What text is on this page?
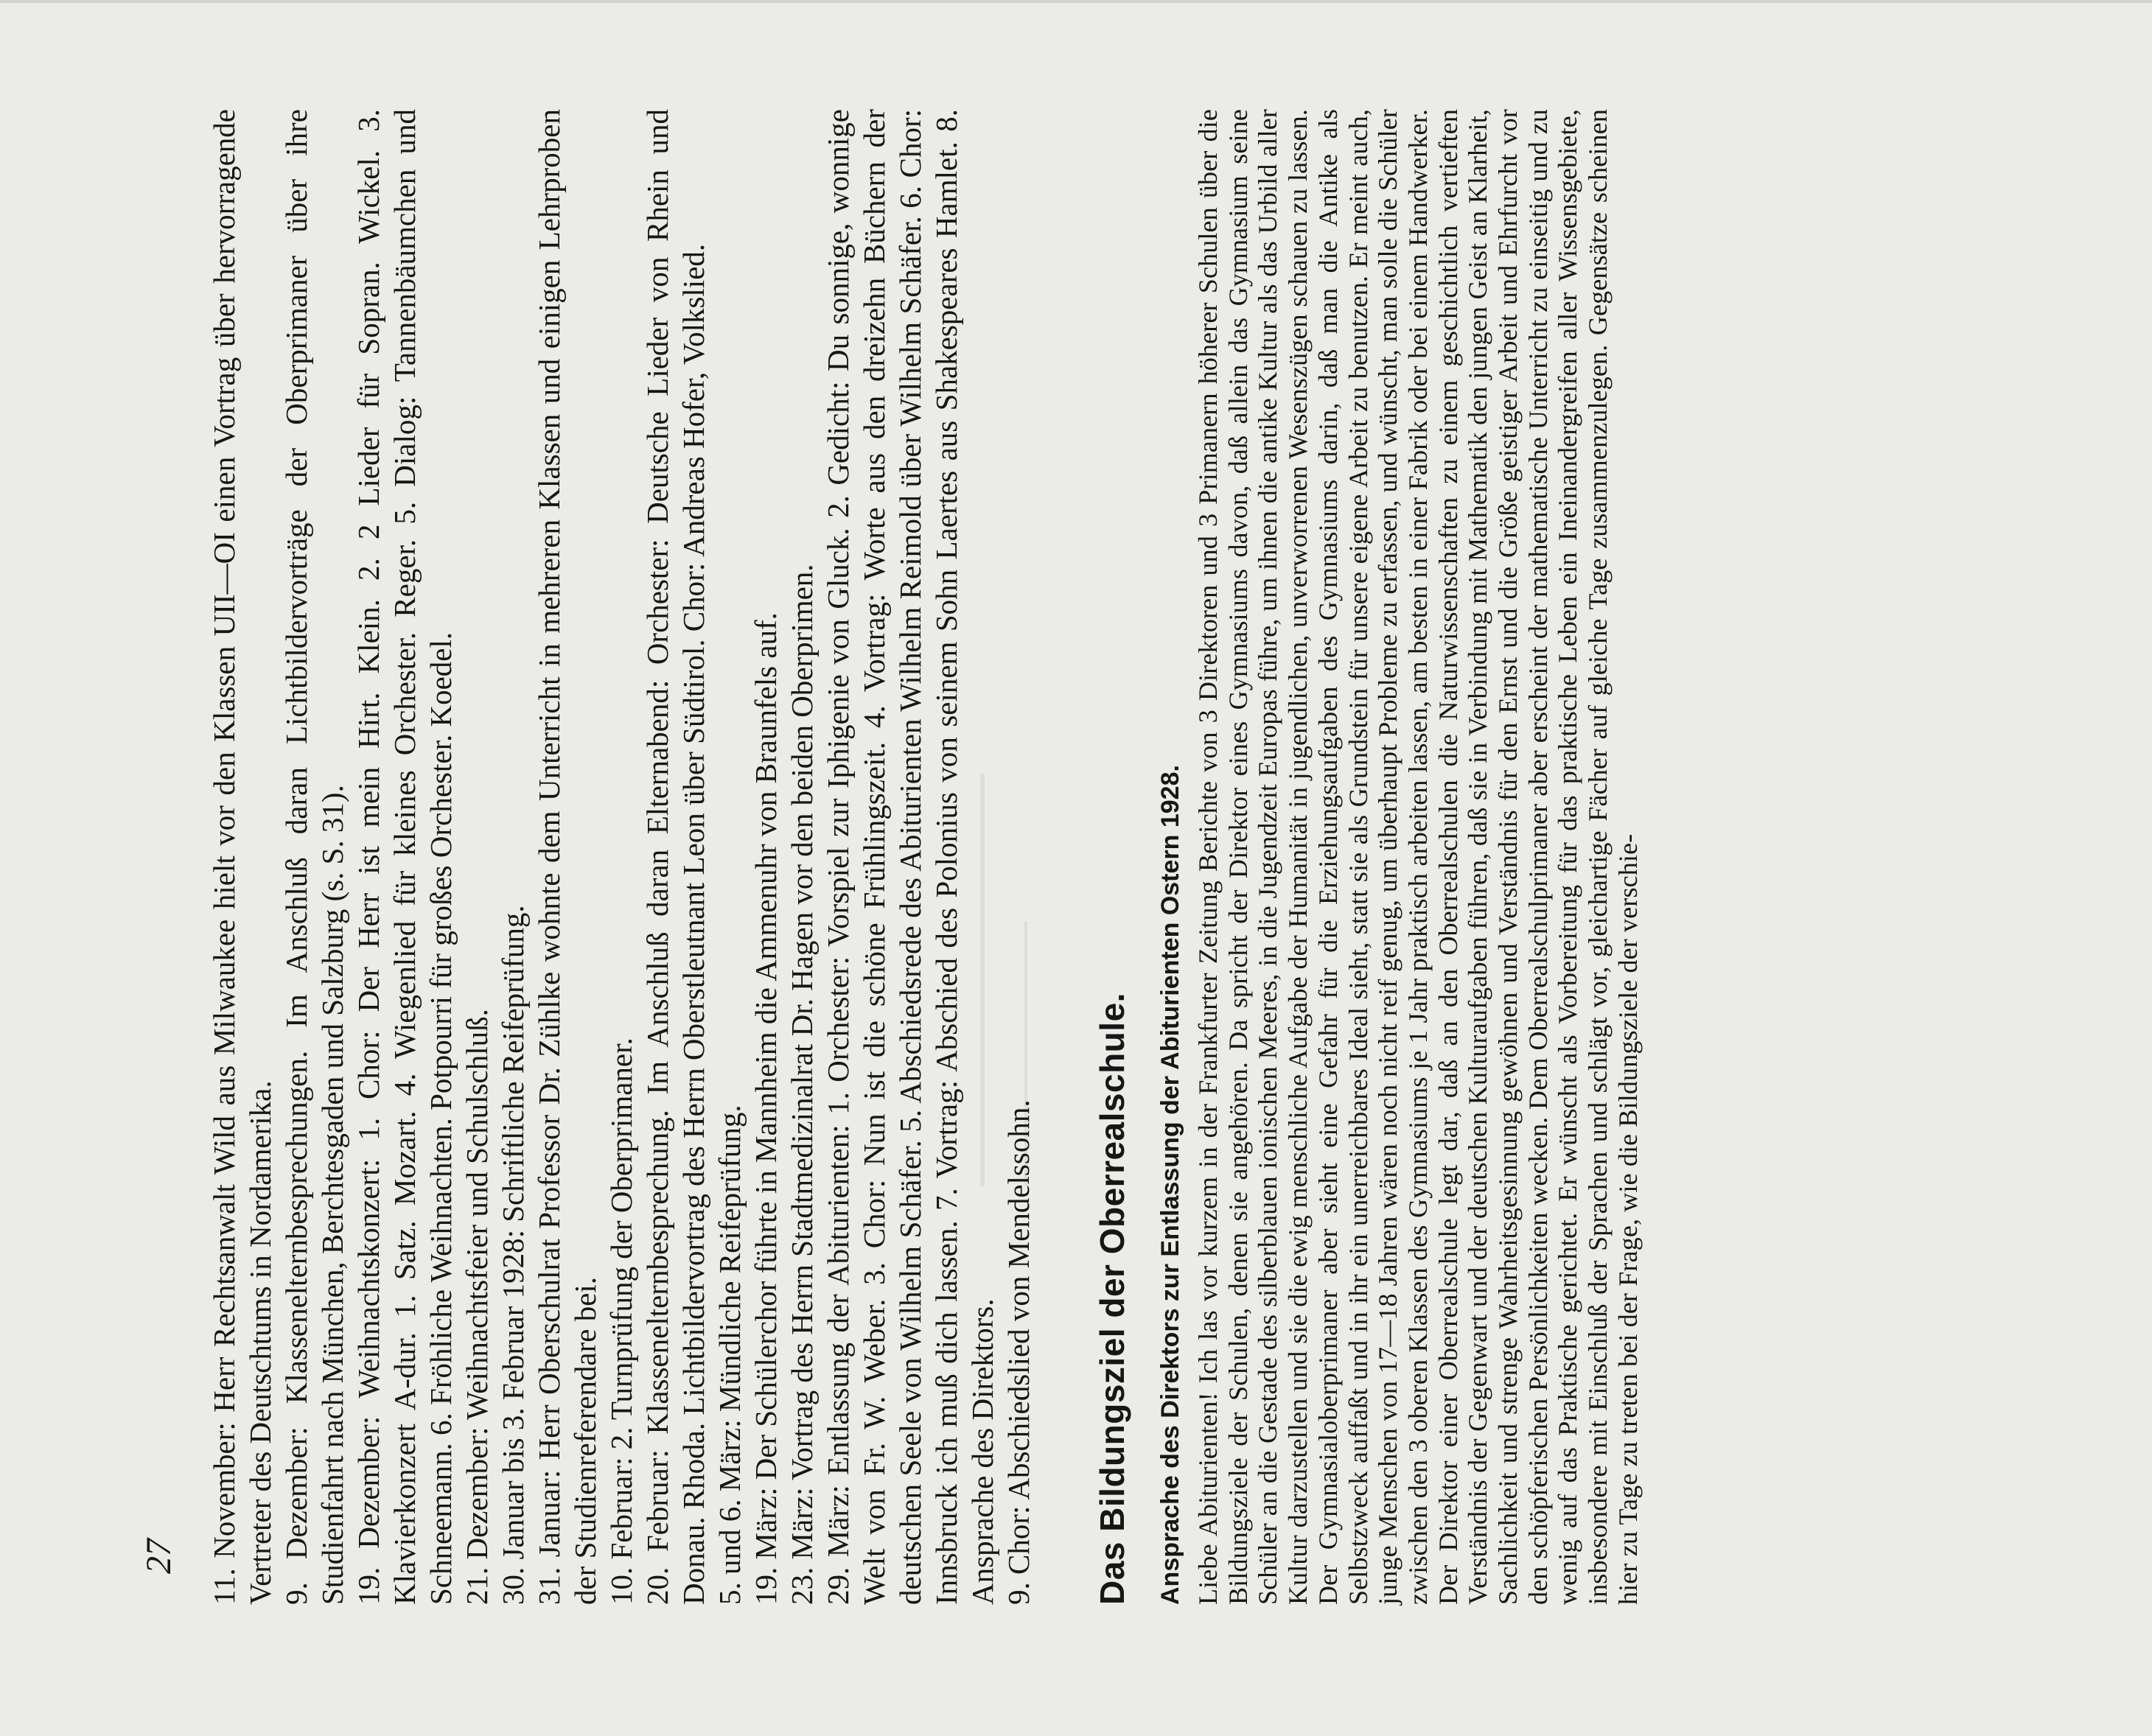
11. November: Herr Rechtsanwalt Wild aus Milwaukee hielt vor den Klassen UII—OI einen Vortrag über hervorragende Vertreter des Deutschtums in Nordamerika. 9. Dezember: Klassenelternbesprechungen. Im Anschluß daran Lichtbildervorträge der Oberprimaner über ihre Studienfahrt nach München, Berchtesgaden und Salzburg (s. S. 31). 19. Dezember: Weihnachtskonzert: 1. Chor: Der Herr ist mein Hirt. Klein. 2. 2 Lieder für Sopran. Wickel. 3. Klavierkonzert A-dur. 1. Satz. Mozart. 4. Wiegenlied für kleines Orchester. Reger. 5. Dialog: Tannenbäumchen und Schneemann. 6. Fröhliche Weihnachten. Potpourri für großes Orchester. Koedel. 21. Dezember: Weihnachtsfeier und Schulschluß. 30. Januar bis 3. Februar 1928: Schriftliche Reifeprüfung. 31. Januar: Herr Oberschulrat Professor Dr. Zühlke wohnte dem Unterricht in mehreren Klassen und einigen Lehrproben der Studienreferendare bei. 10. Februar: 2. Turnprüfung der Oberprimaner. 20. Februar: Klassenelternbesprechung. Im Anschluß daran Elternabend: Orchester: Deutsche Lieder von Rhein und Donau. Rhoda. Lichtbildervortrag des Herrn Oberstleutnant Leon über Südtirol. Chor: Andreas Hofer, Volkslied. 5. und 6. März: Mündliche Reifeprüfung. 19. März: Der Schülerchor führte in Mannheim die Ammenuhr von Braunfels auf. 23. März: Vortrag des Herrn Stadtmedizinalrat Dr. Hagen vor den beiden Oberprimen. 29. März: Entlassung der Abiturienten: 1. Orchester: Vorspiel zur Iphigenie von Gluck. 2. Gedicht: Du sonnige, wonnige Welt von Fr. W. Weber. 3. Chor: Nun ist die schöne Frühlingszeit. 4. Vortrag: Worte aus den dreizehn Büchern der deutschen Seele von Wilhelm Schäfer. 5. Abschiedsrede des Abiturienten Wilhelm Reimold über Wilhelm Schäfer. 6. Chor: Innsbruck ich muß dich lassen. 7. Vortrag: Abschied des Polonius von seinem Sohn Laertes aus Shakespeares Hamlet. 8. Ansprache des Direktors. 9. Chor: Abschiedslied von Mendelssohn. Das Bildungsziel der Oberrealschule. Ansprache des Direktors zur Entlassung der Abiturienten Ostern 1928. Liebe Abiturienten! Ich las vor kurzem in der Frankfurter Zeitung Berichte von 3 Direktoren und 3 Primanern höherer Schulen über die Bildungsziele der Schulen, denen sie angehören. Da spricht der Direktor eines Gymnasiums davon, daß allein das Gymnasium seine Schüler an die Gestade des silberblauen ionischen Meeres, in die Jugendzeit Europas führe, um ihnen die antike Kultur als das Urbild aller Kultur darzustellen und sie die ewig menschliche Aufgabe der Humanität in jugendlichen, unverworrenen Wesenszügen schauen zu lassen. Der Gymnasialoberprimaner aber sieht eine Gefahr für die Erziehungsaufgaben des Gymnasiums darin, daß man die Antike als Selbstzweck auffaßt und in ihr ein unerreichbares Ideal sieht, statt sie als Grundstein für unsere eigene Arbeit zu benutzen. Er meint auch, junge Menschen von 17—18 Jahren wären noch nicht reif genug, um überhaupt Probleme zu erfassen, und wünscht, man solle die Schüler zwischen den 3 oberen Klassen des Gymnasiums je 1 Jahr praktisch arbeiten lassen, am besten in einer Fabrik oder bei einem Handwerker. Der Direktor einer Oberrealschule legt dar, daß an den Oberrealschulen die Naturwissenschaften zu einem geschichtlich vertieften Verständnis der Gegenwart und der deutschen Kulturaufgaben führen, daß sie in Verbindung mit Mathematik den jungen Geist an Klarheit, Sachlichkeit und strenge Wahrheitsgesinnung gewöhnen und Verständnis für den Ernst und die Größe geistiger Arbeit und Ehrfurcht vor den schöpferischen Persönlichkeiten wecken. Dem Oberrealschulprimaner aber erscheint der mathematische Unterricht zu einseitig und zu wenig auf das Praktische gerichtet. Er wünscht als Vorbereitung für das praktische Leben ein Ineinandergreifen aller Wissensgebiete, insbesondere mit Einschluß der Sprachen und schlägt vor, gleichartige Fächer auf gleiche Tage zusammenzulegen. Gegensätze scheinen hier zu Tage zu treten bei der Frage, wie die Bildungsziele der verschie-

27
